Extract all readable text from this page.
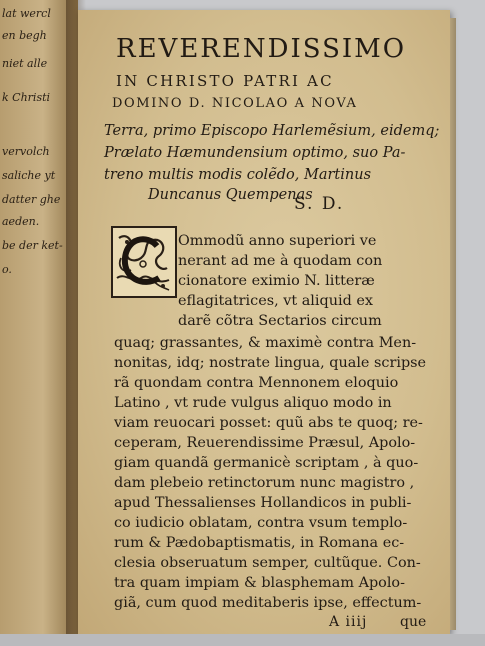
lat wercl
en begh
niet alle
k Christi
vervolch
saliche yt
datter ghe
aeden.
be der ket-
o.
REVERENDISSIMO
IN CHRISTO PATRI AC
DOMINO D. NICOLAO A NOVA
Terra, primo Episcopo Harlemẽsium, eidemq;
Prælato Hæmundensium optimo, suo Pa-
treno multis modis colẽdo, Martinus
Duncanus Quempenas
S. D.
Ommodũ anno superiori ve
nerant ad me à quodam con
cionatore eximio N. litteræ
eflagitatrices, vt aliquid ex
darẽ cõtra Sectarios circum
quaq; grassantes, & maximè contra Men-
nonitas, idq; nostrate lingua, quale scripse
rã quondam contra Mennonem eloquio
Latino , vt rude vulgus aliquo modo in
viam reuocari posset: quũ abs te quoq; re-
ceperam, Reuerendissime Præsul, Apolo-
giam quandã germanicè scriptam , à quo-
dam plebeio retinctorum nunc magistro ,
apud Thessalienses Hollandicos in publi-
co iudicio oblatam, contra vsum templo-
rum & Pædobaptismatis, in Romana ec-
clesia obseruatum semper, cultũque. Con-
tra quam impiam & blasphemam Apolo-
giã, cum quod meditaberis ipse, effectum-
A iiij que
